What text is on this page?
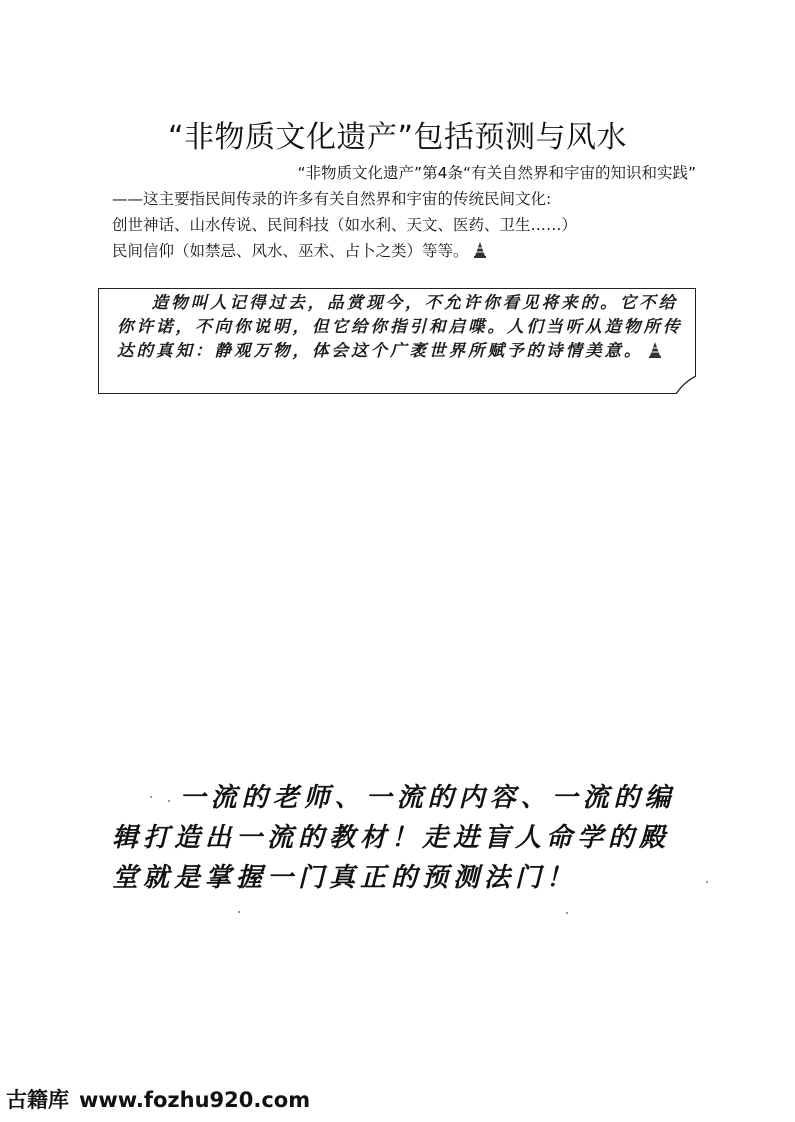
“非物质文化遗产”包括预测与风水
“非物质文化遗产”第4条“有关自然界和宇宙的知识和实践”
——这主要指民间传录的许多有关自然界和宇宙的传统民间文化:
创世神话、山水传说、民间科技（如水利、天文、医药、卫生……）
民间信仰（如禁忌、风水、巫术、占卜之类）等等。
造物叫人记得过去，品赏现今，不允许你看见将来的。它不给你许诺，不向你说明，但它给你指引和启喋。人们当听从造物所传达的真知：静观万物，体会这个广袤世界所赋予的诗情美意。
一流的老师、一流的内容、一流的编辑打造出一流的教材！走进盲人命学的殿堂就是掌握一门真正的预测法门！
古籍库 www.fozhu920.com
